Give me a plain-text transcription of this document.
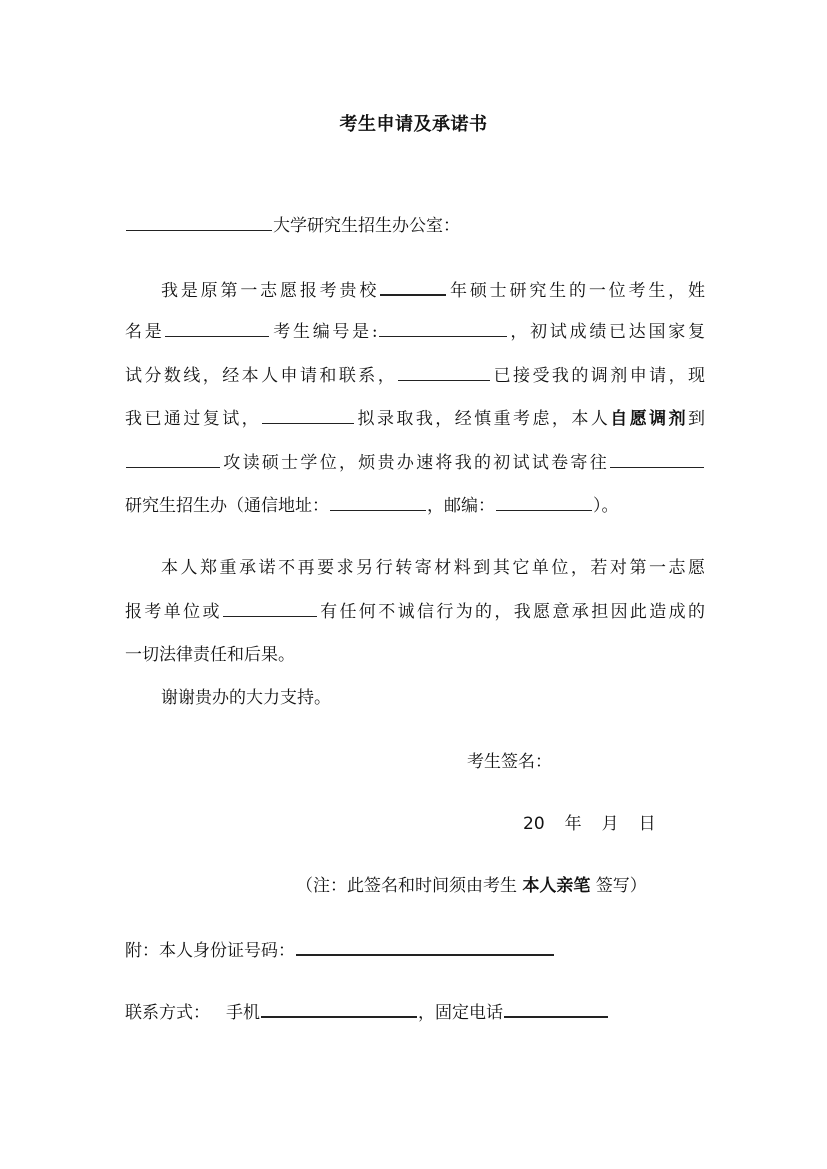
考生申请及承诺书
大学研究生招生办公室：
我是原第一志愿报考贵校	年硕士研究生的一位考生，姓
名是	考生编号是:	，初试成绩已达国家复
试分数线，经本人申请和联系，	已接受我的调剂申请，现
我已通过复试，	拟录取我，经慎重考虑，本人自愿调剂到
攻读硕士学位，烦贵办速将我的初试试卷寄往
研究生招生办（通信地址：	，邮编：	）。
本人郑重承诺不再要求另行转寄材料到其它单位，若对第一志愿
报考单位或	有任何不诚信行为的，我愿意承担因此造成的
一切法律责任和后果。
谢谢贵办的大力支持。
考生签名：
20 年 月 日
（注：此签名和时间须由考生 本人亲笔 签写）
附：本人身份证号码：
联系方式： 手机	，固定电话
